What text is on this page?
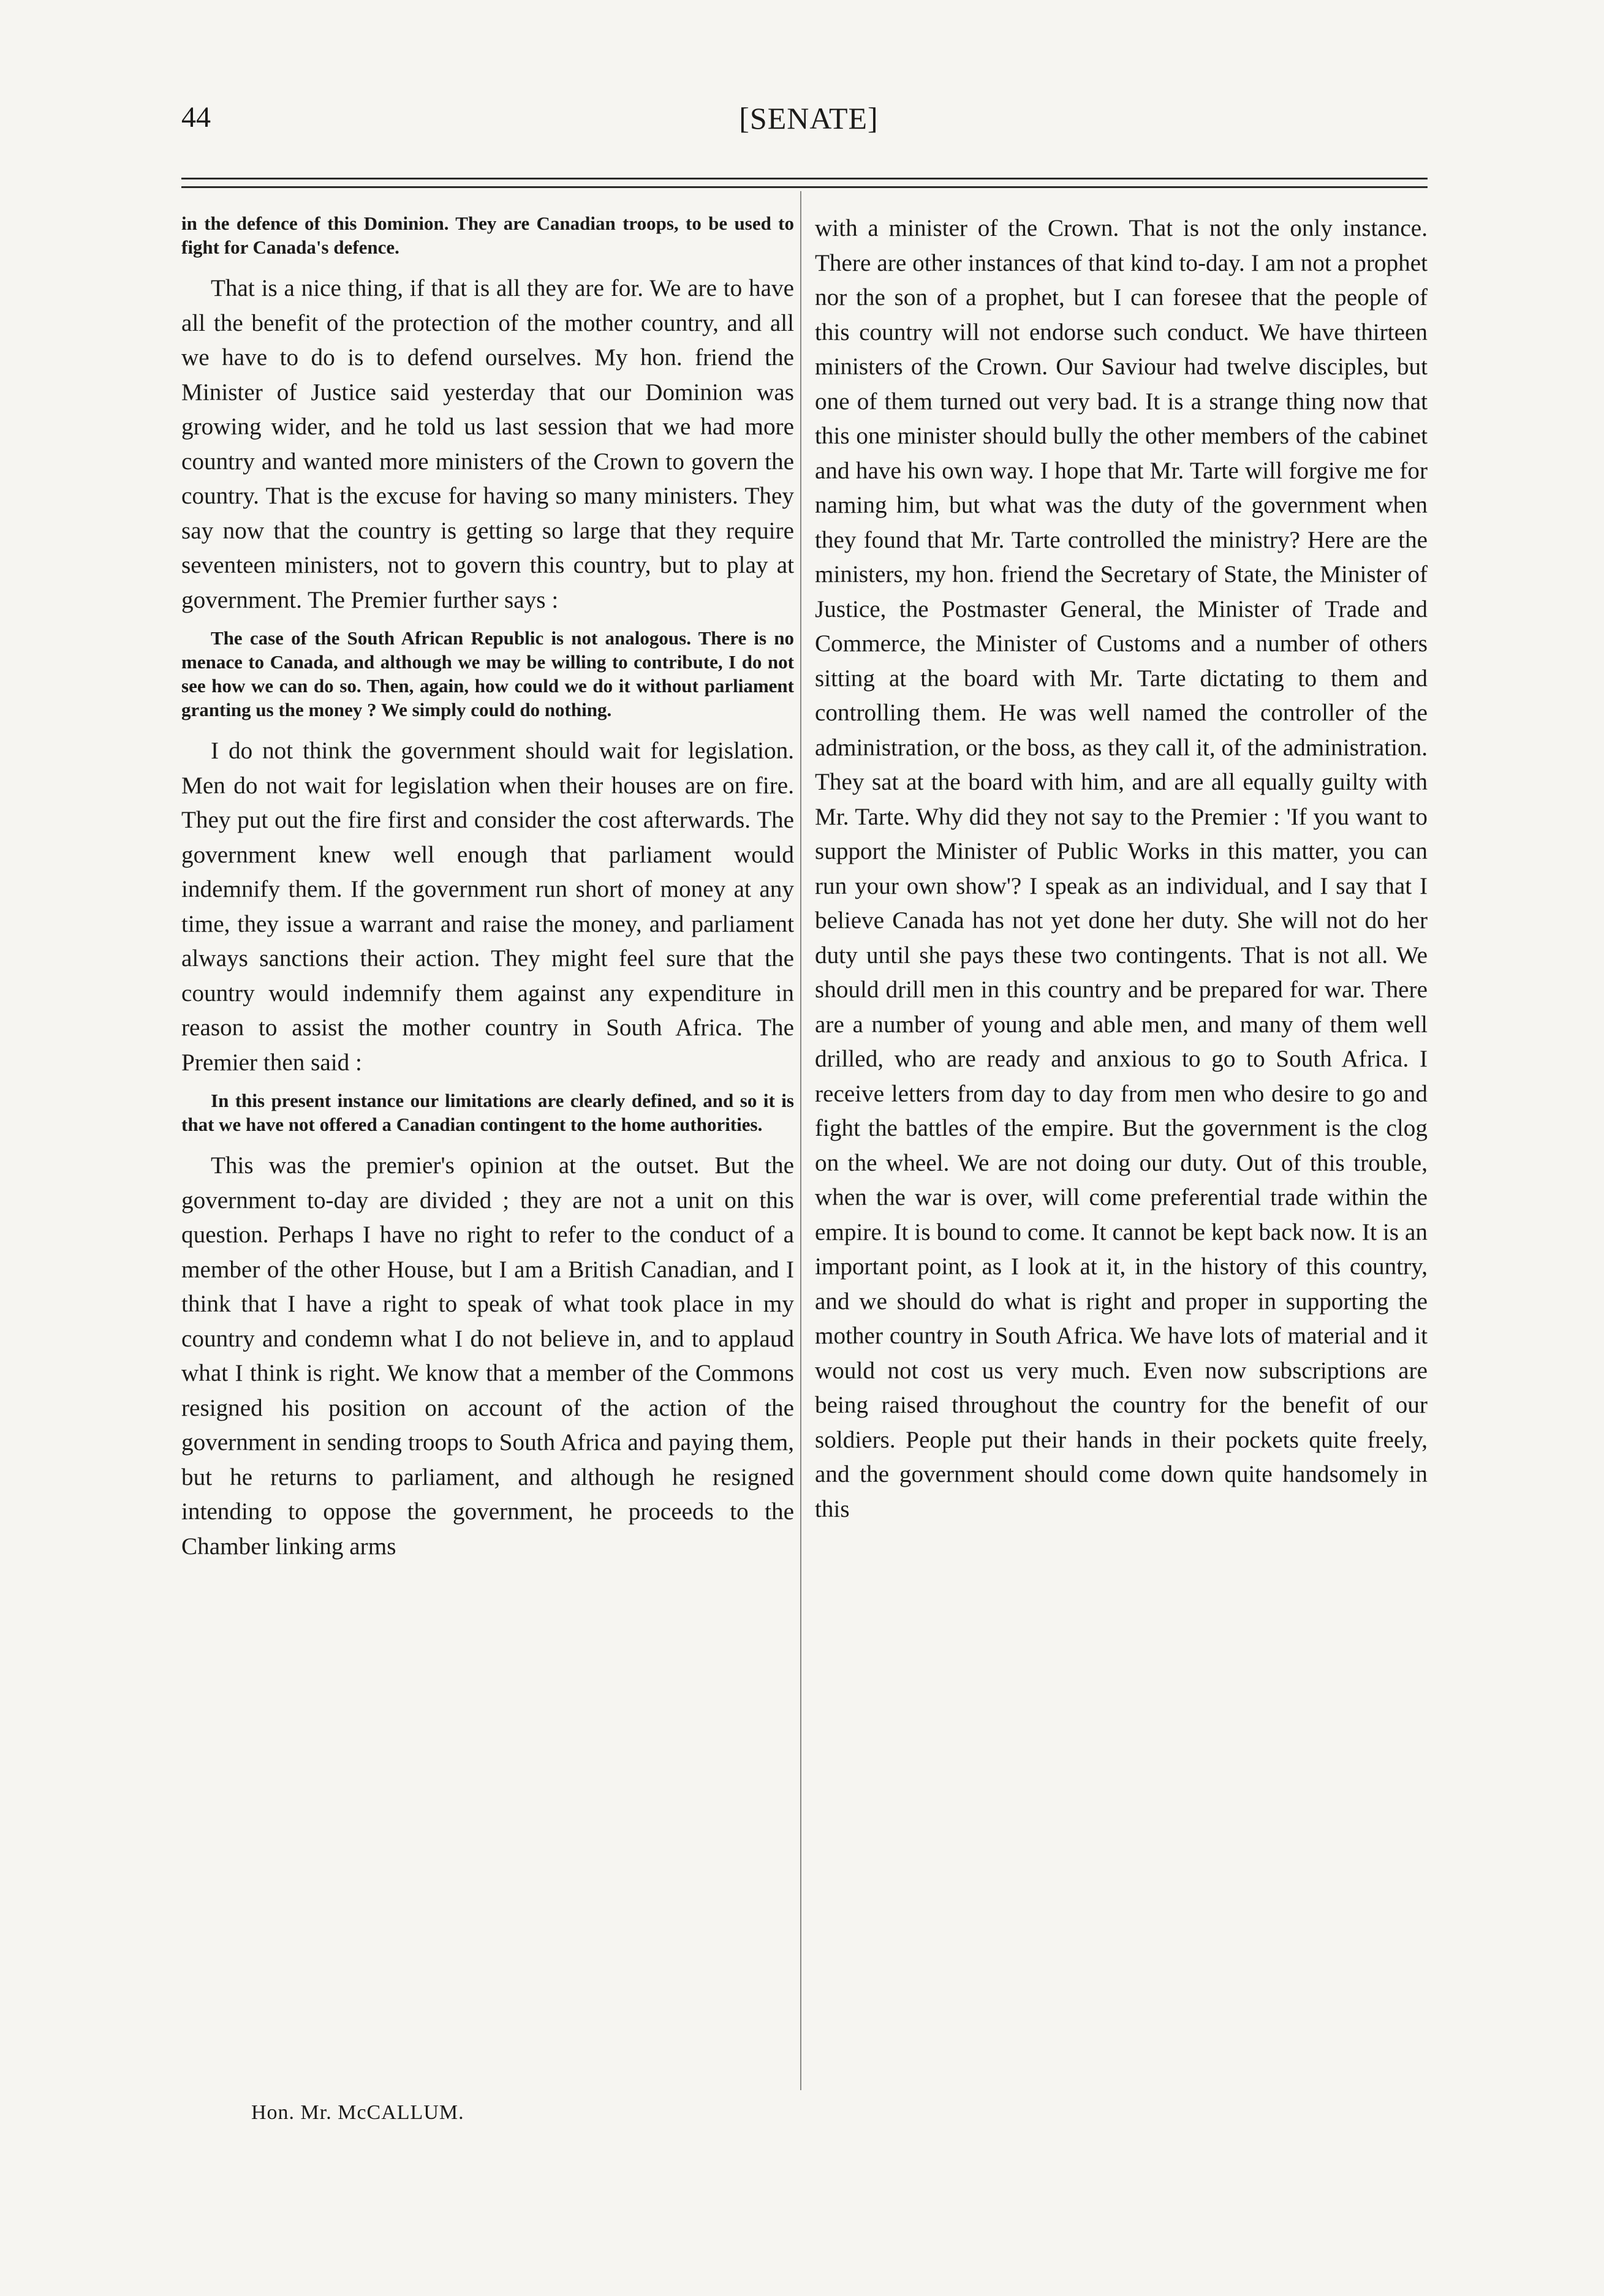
44	[SENATE]

in the defence of this Dominion. They are Canadian troops, to be used to fight for Canada's defence.

That is a nice thing, if that is all they are for. We are to have all the benefit of the protection of the mother country, and all we have to do is to defend ourselves. My hon. friend the Minister of Justice said yesterday that our Dominion was growing wider, and he told us last session that we had more country and wanted more ministers of the Crown to govern the country. That is the excuse for having so many ministers. They say now that the country is getting so large that they require seventeen ministers, not to govern this country, but to play at government. The Premier further says :

The case of the South African Republic is not analogous. There is no menace to Canada, and although we may be willing to contribute, I do not see how we can do so. Then, again, how could we do it without parliament granting us the money ? We simply could do nothing.

I do not think the government should wait for legislation. Men do not wait for legislation when their houses are on fire. They put out the fire first and consider the cost afterwards. The government knew well enough that parliament would indemnify them. If the government run short of money at any time, they issue a warrant and raise the money, and parliament always sanctions their action. They might feel sure that the country would indemnify them against any expenditure in reason to assist the mother country in South Africa. The Premier then said :

In this present instance our limitations are clearly defined, and so it is that we have not offered a Canadian contingent to the home authorities.

This was the premier's opinion at the outset. But the government to-day are divided ; they are not a unit on this question. Perhaps I have no right to refer to the conduct of a member of the other House, but I am a British Canadian, and I think that I have a right to speak of what took place in my country and condemn what I do not believe in, and to applaud what I think is right. We know that a member of the Commons resigned his position on account of the action of the government in sending troops to South Africa and paying them, but he returns to parliament, and although he resigned intending to oppose the government, he proceeds to the Chamber linking arms

with a minister of the Crown. That is not the only instance. There are other instances of that kind to-day. I am not a prophet nor the son of a prophet, but I can foresee that the people of this country will not endorse such conduct. We have thirteen ministers of the Crown. Our Saviour had twelve disciples, but one of them turned out very bad. It is a strange thing now that this one minister should bully the other members of the cabinet and have his own way. I hope that Mr. Tarte will forgive me for naming him, but what was the duty of the government when they found that Mr. Tarte controlled the ministry? Here are the ministers, my hon. friend the Secretary of State, the Minister of Justice, the Postmaster General, the Minister of Trade and Commerce, the Minister of Customs and a number of others sitting at the board with Mr. Tarte dictating to them and controlling them. He was well named the controller of the administration, or the boss, as they call it, of the administration. They sat at the board with him, and are all equally guilty with Mr. Tarte. Why did they not say to the Premier : 'If you want to support the Minister of Public Works in this matter, you can run your own show'? I speak as an individual, and I say that I believe Canada has not yet done her duty. She will not do her duty until she pays these two contingents. That is not all. We should drill men in this country and be prepared for war. There are a number of young and able men, and many of them well drilled, who are ready and anxious to go to South Africa. I receive letters from day to day from men who desire to go and fight the battles of the empire. But the government is the clog on the wheel. We are not doing our duty. Out of this trouble, when the war is over, will come preferential trade within the empire. It is bound to come. It cannot be kept back now. It is an important point, as I look at it, in the history of this country, and we should do what is right and proper in supporting the mother country in South Africa. We have lots of material and it would not cost us very much. Even now subscriptions are being raised throughout the country for the benefit of our soldiers. People put their hands in their pockets quite freely, and the government should come down quite handsomely in this

Hon. Mr. McCALLUM.
